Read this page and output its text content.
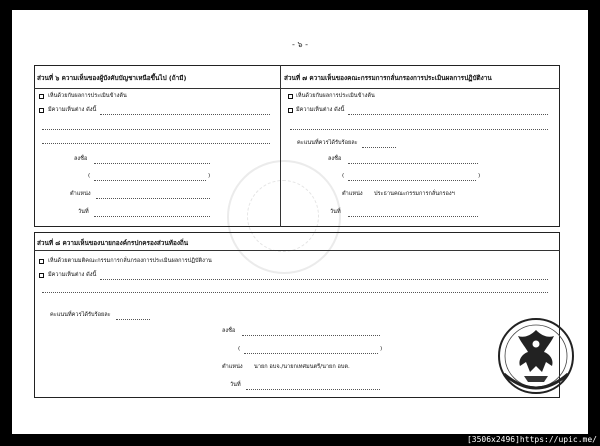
- ๖ -
ส่วนที่ ๖ ความเห็นของผู้บังคับบัญชาเหนือขึ้นไป (ถ้ามี)
เห็นด้วยกับผลการประเมินข้างต้น
มีความเห็นต่าง ดังนี้
ลงชื่อ
(	)
ตำแหน่ง
วันที่
ส่วนที่ ๗ ความเห็นของคณะกรรมการกลั่นกรองการประเมินผลการปฏิบัติงาน
เห็นด้วยกับผลการประเมินข้างต้น
มีความเห็นต่าง ดังนี้
คะแนนที่ควรได้รับร้อยละ
ลงชื่อ
(	)
ตำแหน่ง ประธานคณะกรรมการกลั่นกรองฯ
วันที่
ส่วนที่ ๘ ความเห็นของนายกองค์กรปกครองส่วนท้องถิ่น
เห็นด้วยตามมติคณะกรรมการกลั่นกรองการประเมินผลการปฏิบัติงาน
มีความเห็นต่าง ดังนี้
คะแนนที่ควรได้รับร้อยละ
ลงชื่อ
(	)
ตำแหน่ง นายก อบจ./นายกเทศมนตรี/นายก อบต.
วันที่
[3506x2496]https://upic.me/
